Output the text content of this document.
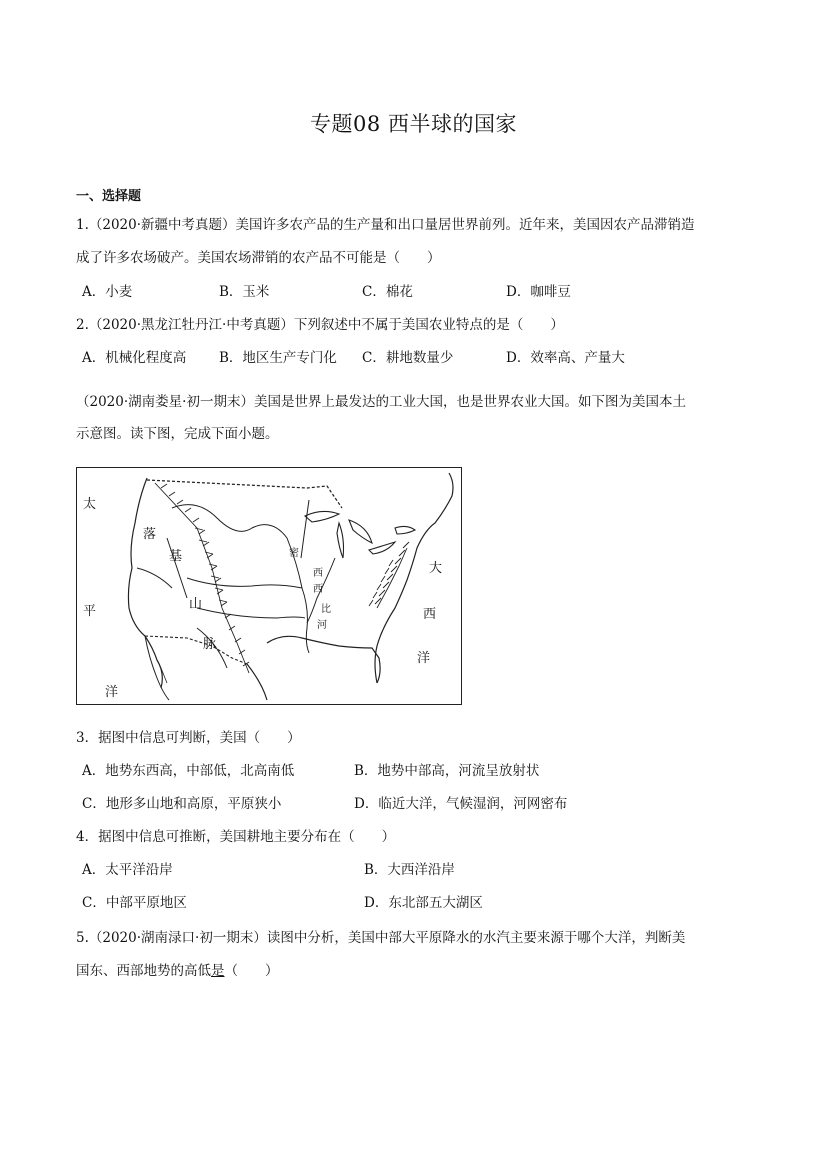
专题08 西半球的国家
一、选择题
1.（2020·新疆中考真题）美国许多农产品的生产量和出口量居世界前列。近年来，美国因农产品滞销造
成了许多农场破产。美国农场滞销的农产品不可能是（　　）
A．小麦	B．玉米	C．棉花	D．咖啡豆
2.（2020·黑龙江牡丹江·中考真题）下列叙述中不属于美国农业特点的是（　　）
A．机械化程度高 B．地区生产专门化 C．耕地数量少	D．效率高、产量大
（2020·湖南娄星·初一期末）美国是世界上最发达的工业大国，也是世界农业大国。如下图为美国本土
示意图。读下图，完成下面小题。
太
平
洋
落
基
山
脉
密
西
西
比
河
大
西
洋
3．据图中信息可判断，美国（　　）
A．地势东西高，中部低，北高南低	B．地势中部高，河流呈放射状
C．地形多山地和高原，平原狭小	D．临近大洋，气候湿润，河网密布
4．据图中信息可推断，美国耕地主要分布在（　　）
A．太平洋沿岸	B．大西洋沿岸
C．中部平原地区	D．东北部五大湖区
5.（2020·湖南渌口·初一期末）读图中分析，美国中部大平原降水的水汽主要来源于哪个大洋，判断美
国东、西部地势的高低是（　　）
